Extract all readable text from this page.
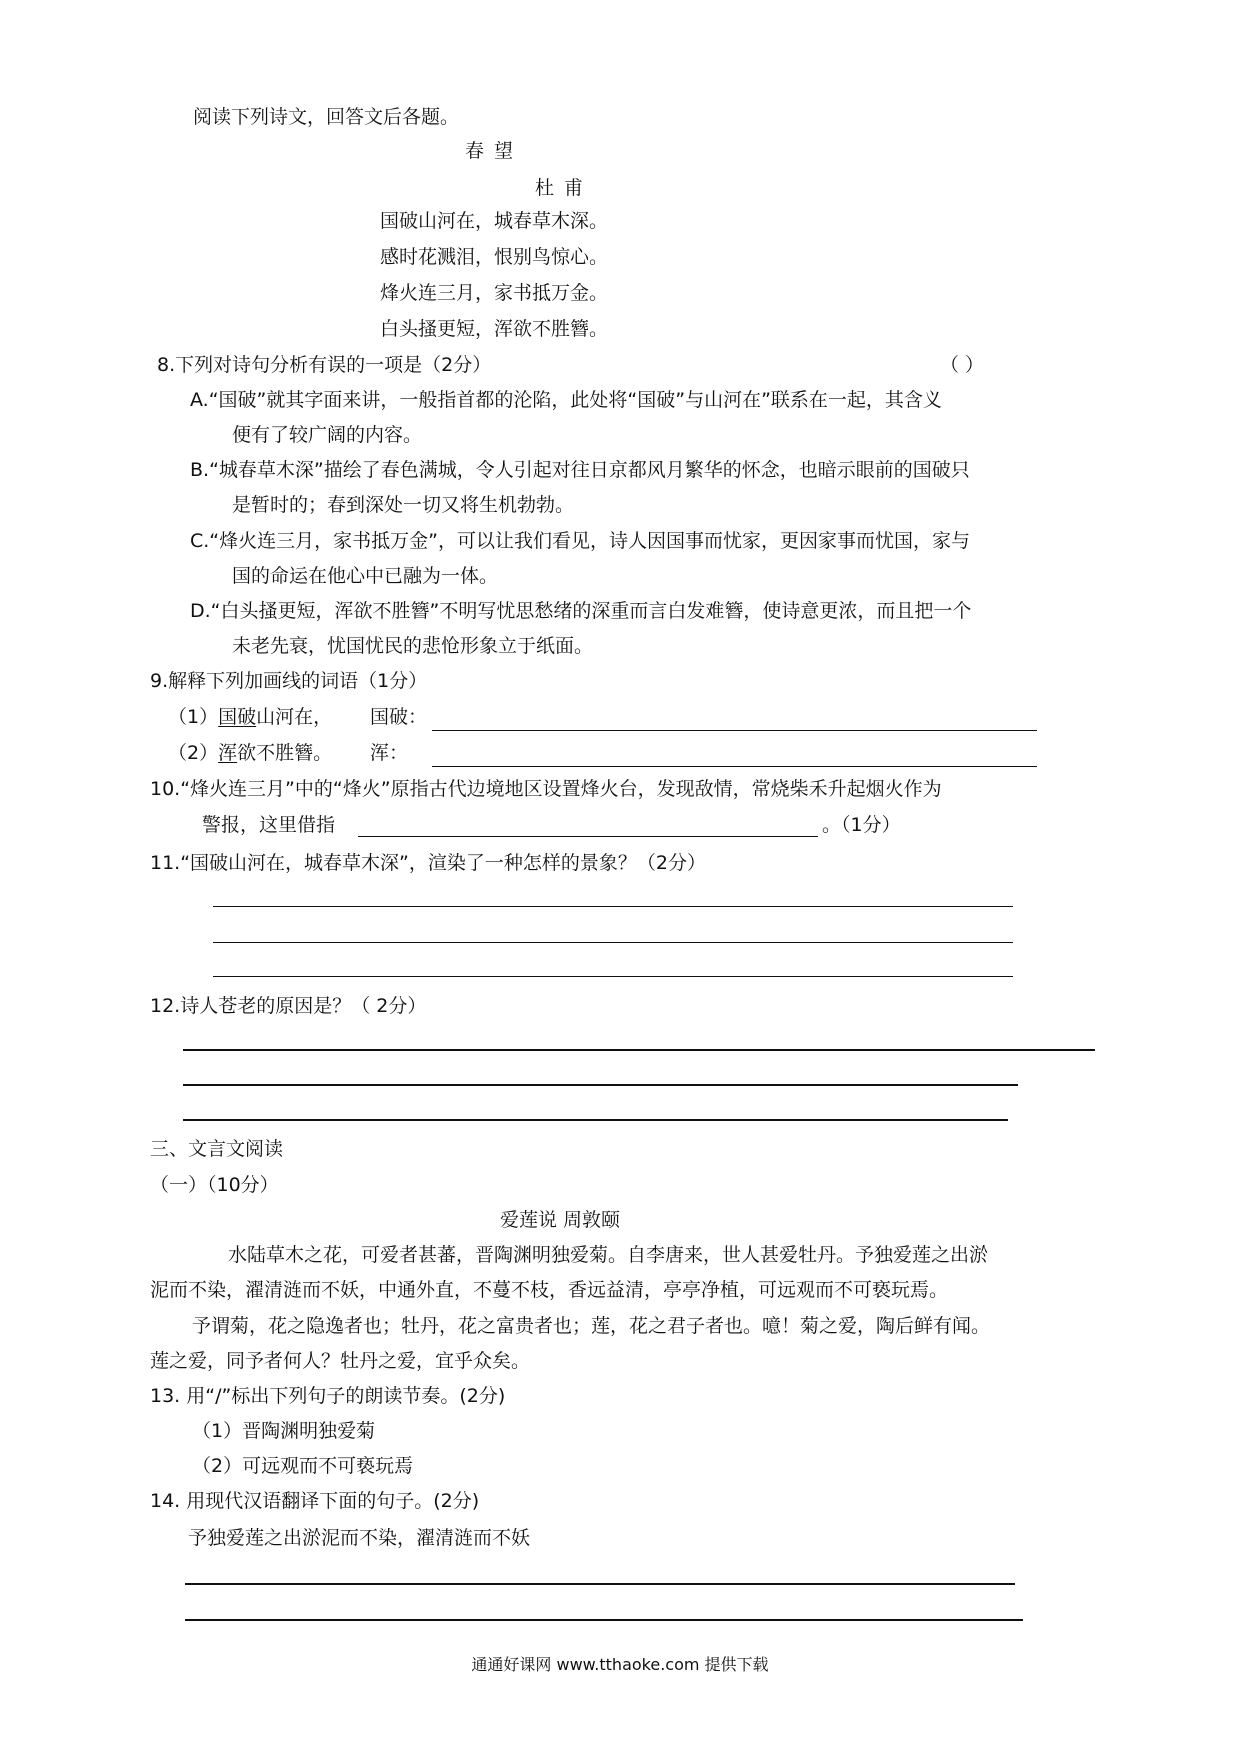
阅读下列诗文，回答文后各题。
春 望
杜 甫
国破山河在，城春草木深。
感时花溅泪，恨别鸟惊心。
烽火连三月，家书抵万金。
白头搔更短，浑欲不胜簪。
8.下列对诗句分析有误的一项是（2分）	（ ）
A.“国破”就其字面来讲，一般指首都的沦陷，此处将“国破”与山河在”联系在一起，其含义
便有了较广阔的内容。
B.“城春草木深”描绘了春色满城，令人引起对往日京都风月繁华的怀念，也暗示眼前的国破只
是暂时的；春到深处一切又将生机勃勃。
C.“烽火连三月，家书抵万金”，可以让我们看见，诗人因国事而忧家，更因家事而忧国，家与
国的命运在他心中已融为一体。
D.“白头搔更短，浑欲不胜簪”不明写忧思愁绪的深重而言白发难簪，使诗意更浓，而且把一个
未老先衰，忧国忧民的悲怆形象立于纸面。
9.解释下列加画线的词语（1分）
（1）国破山河在， 国破：
（2）浑欲不胜簪。 浑：
10.“烽火连三月”中的“烽火”原指古代边境地区设置烽火台，发现敌情，常烧柴禾升起烟火作为
警报，这里借指	。（1分）
11.“国破山河在，城春草木深”，渲染了一种怎样的景象？（2分）
12.诗人苍老的原因是？（ 2分）
三、文言文阅读
（一）（10分）
爱莲说 周敦颐
水陆草木之花，可爱者甚蕃，晋陶渊明独爱菊。自李唐来，世人甚爱牡丹。予独爱莲之出淤
泥而不染，濯清涟而不妖，中通外直，不蔓不枝，香远益清，亭亭净植，可远观而不可亵玩焉。
予谓菊，花之隐逸者也；牡丹，花之富贵者也；莲，花之君子者也。噫！菊之爱，陶后鲜有闻。
莲之爱，同予者何人？牡丹之爱，宜乎众矣。
13. 用“/”标出下列句子的朗读节奏。(2分)
（1）晋陶渊明独爱菊
（2）可远观而不可亵玩焉
14. 用现代汉语翻译下面的句子。(2分)
予独爱莲之出淤泥而不染，濯清涟而不妖
通通好课网 www.tthaoke.com 提供下载
